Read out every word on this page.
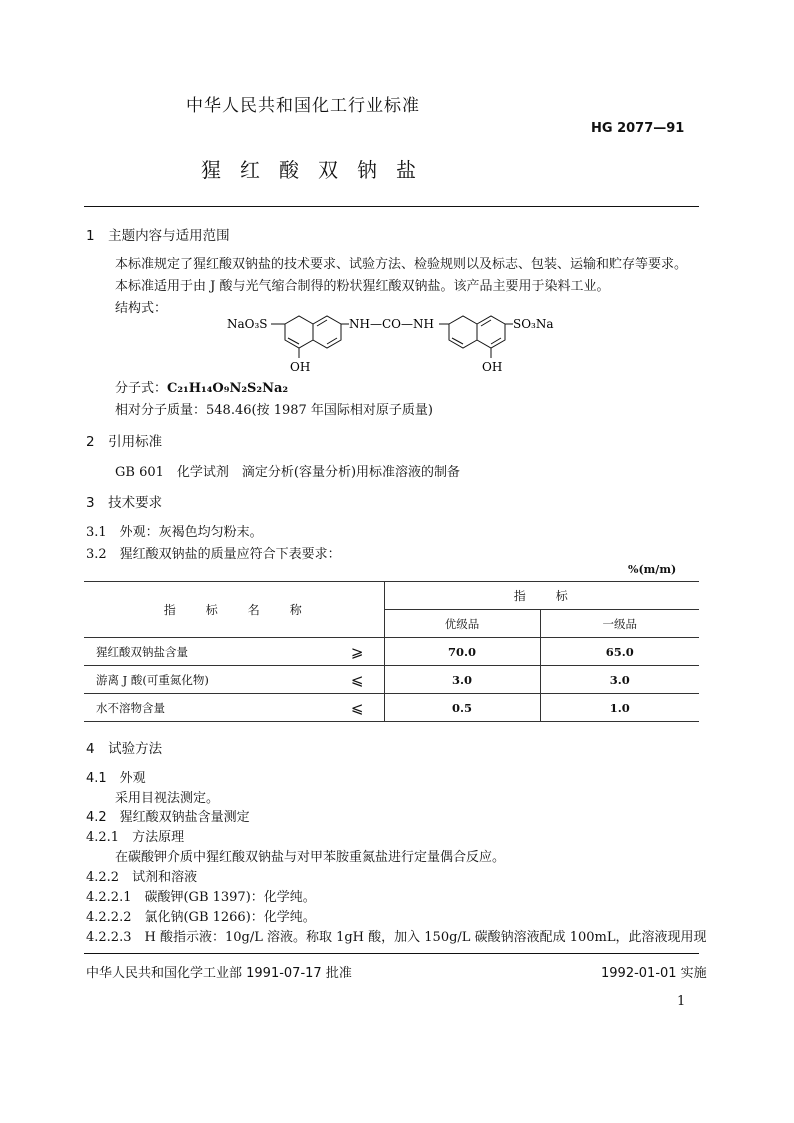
中华人民共和国化工行业标准
HG 2077—91
猩红酸双钠盐
1　主题内容与适用范围
本标准规定了猩红酸双钠盐的技术要求、试验方法、检验规则以及标志、包装、运输和贮存等要求。
本标准适用于由 J 酸与光气缩合制得的粉状猩红酸双钠盐。该产品主要用于染料工业。
结构式：
NaO₃S	NH—CO—NH	SO₃Na
OH	OH
分子式：C₂₁H₁₄O₉N₂S₂Na₂
相对分子质量：548.46(按 1987 年国际相对原子质量)
2　引用标准
GB 601　化学试剂　滴定分析(容量分析)用标准溶液的制备
3　技术要求
3.1　外观：灰褐色均匀粉末。
3.2　猩红酸双钠盐的质量应符合下表要求：
%(m/m)
指　　标　　名　　称	指　　标	
	优级品	一级品
猩红酸双钠盐含量 ⩾	70.0	65.0
游离 J 酸(可重氮化物) ⩽	3.0	3.0
水不溶物含量 ⩽	0.5	1.0
4　试验方法
4.1　外观
采用目视法测定。
4.2　猩红酸双钠盐含量测定
4.2.1　方法原理
在碳酸钾介质中猩红酸双钠盐与对甲苯胺重氮盐进行定量偶合反应。
4.2.2　试剂和溶液
4.2.2.1　碳酸钾(GB 1397)：化学纯。
4.2.2.2　氯化钠(GB 1266)：化学纯。
4.2.2.3　H 酸指示液：10g/L 溶液。称取 1gH 酸，加入 150g/L 碳酸钠溶液配成 100mL，此溶液现用现
中华人民共和国化学工业部 1991-07-17 批准	1992-01-01 实施
1
